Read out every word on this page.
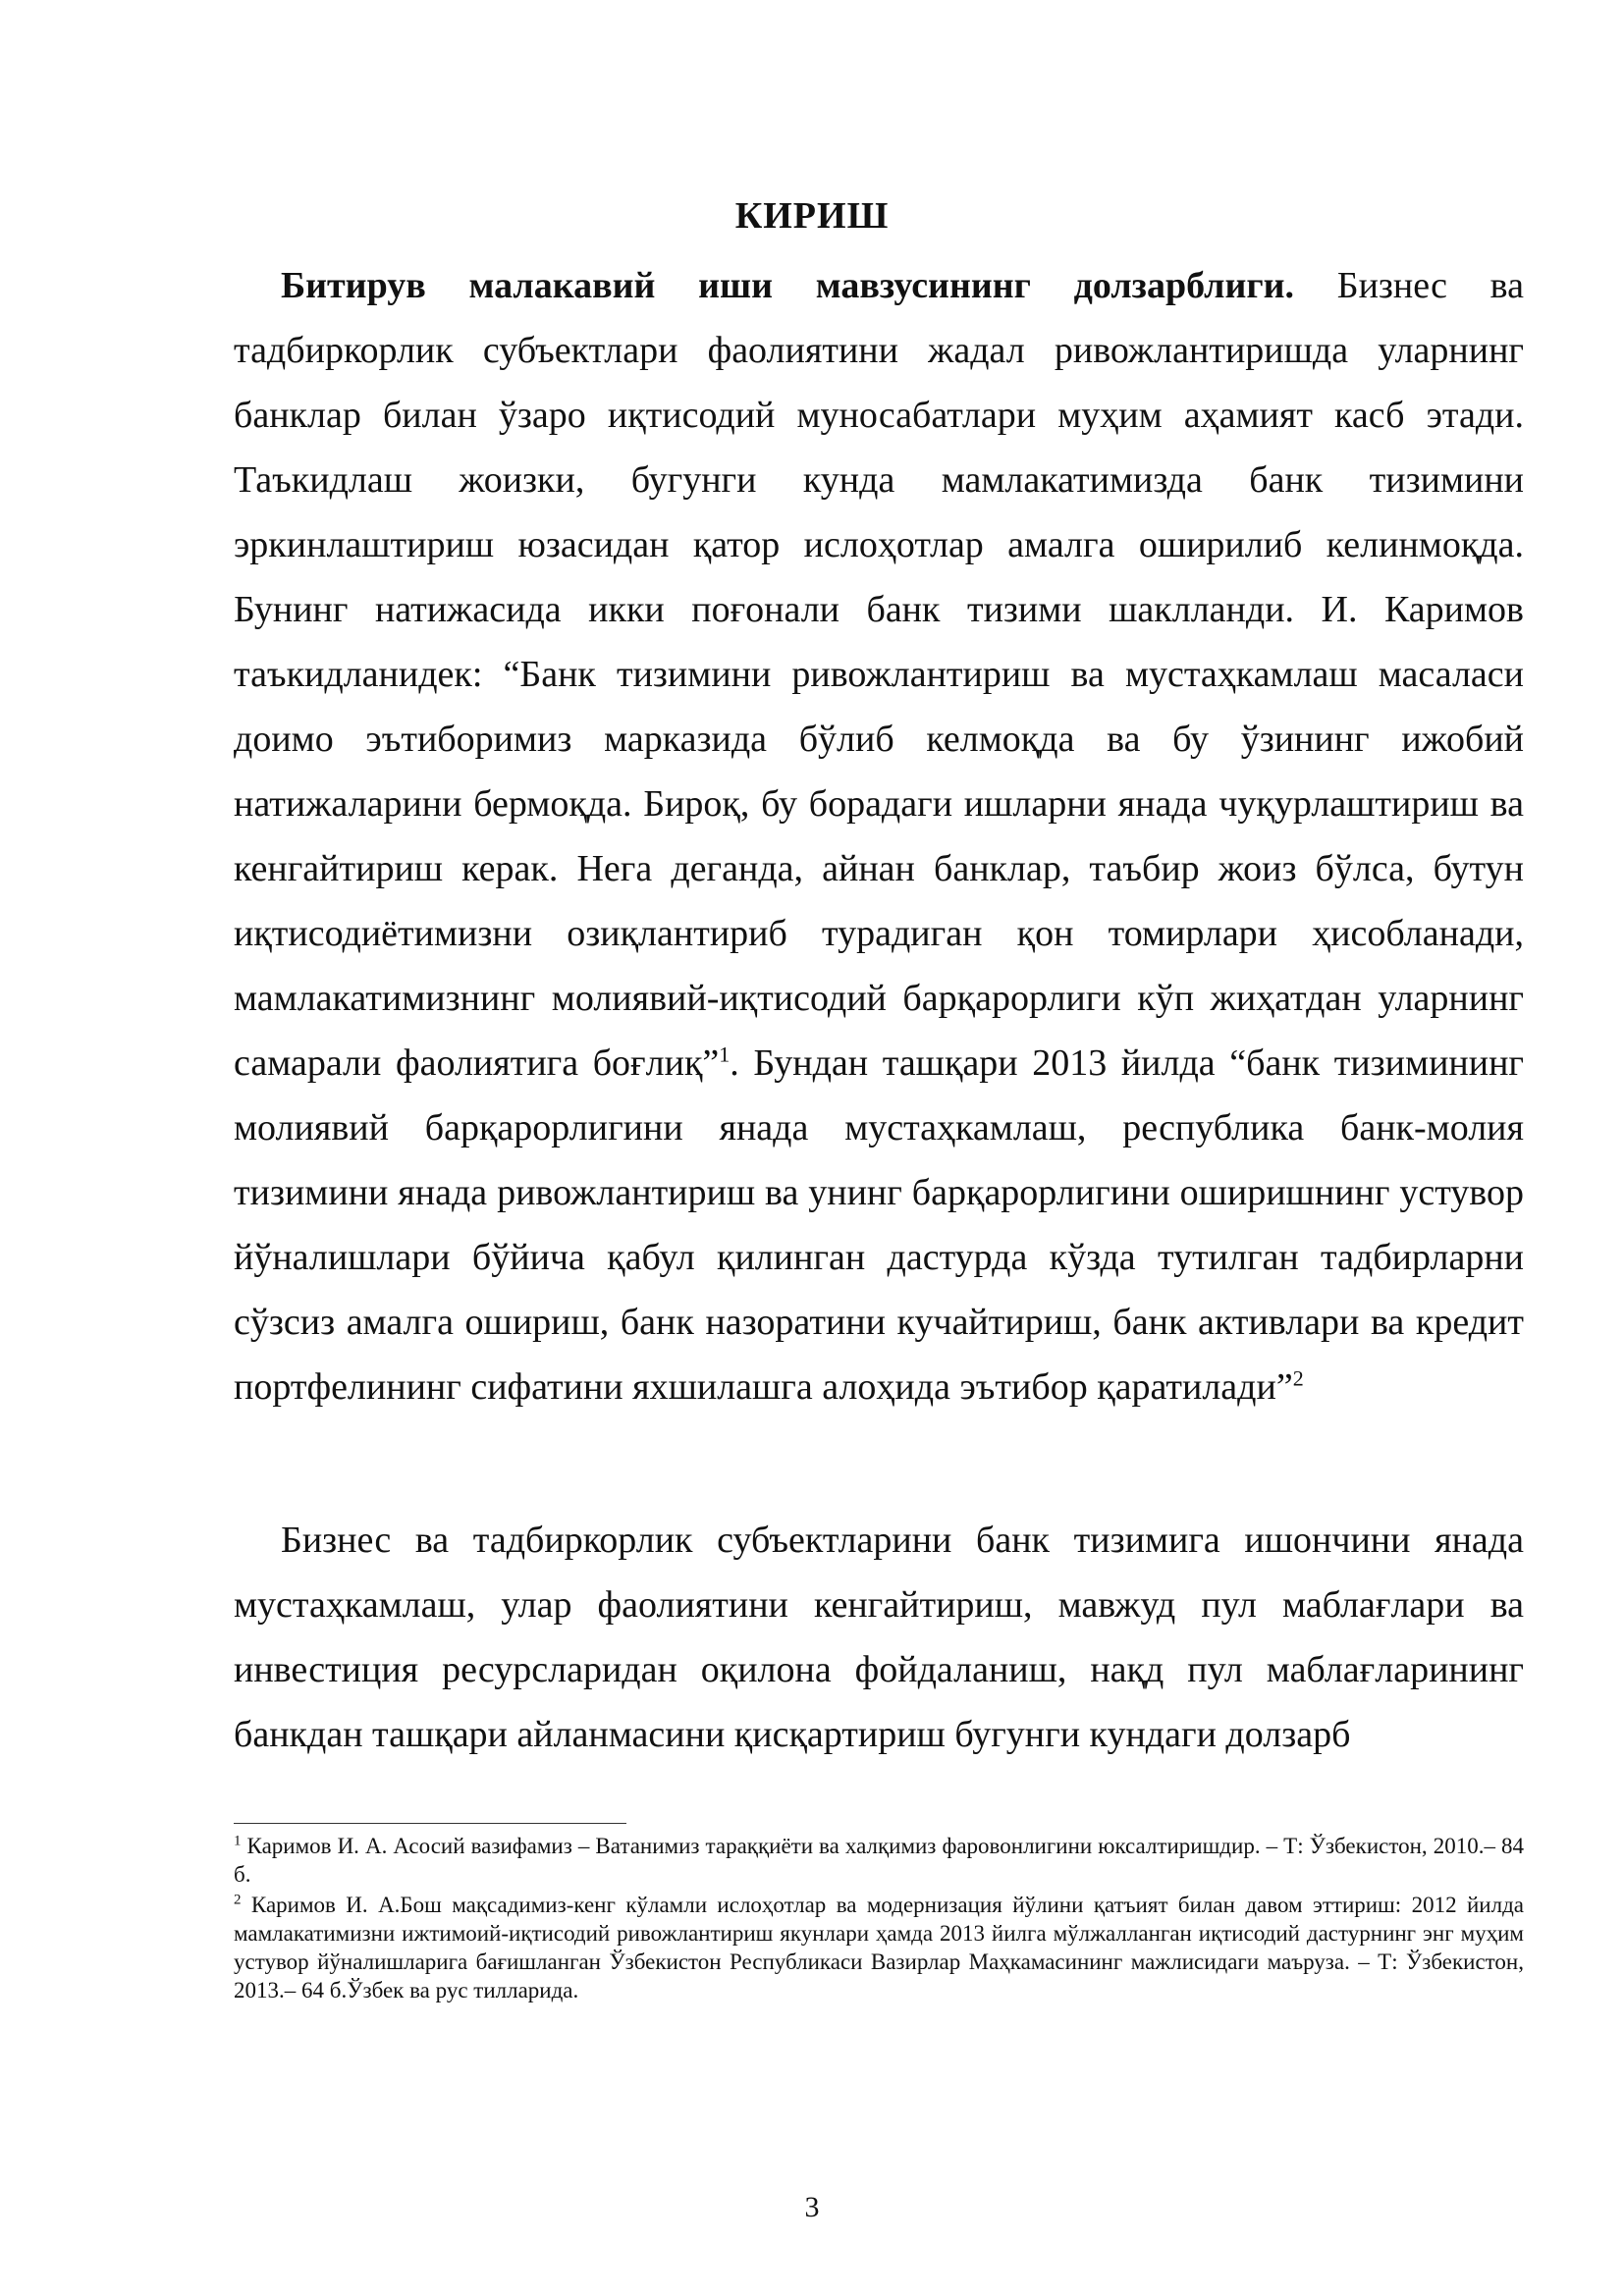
КИРИШ

Битирув малакавий иши мавзусининг долзарблиги. Бизнес ва тадбиркорлик субъектлари фаолиятини жадал ривожлантиришда уларнинг банклар билан ўзаро иқтисодий муносабатлари муҳим аҳамият касб этади. Таъкидлаш жоизки, бугунги кунда мамлакатимизда банк тизимини эркинлаштириш юзасидан қатор ислоҳотлар амалга оширилиб келинмоқда. Бунинг натижасида икки поғонали банк тизими шаклланди. И. Каримов таъкидланидек: “Банк тизимини ривожлантириш ва мустаҳкамлаш масаласи доимо эътиборимиз марказида бўлиб келмоқда ва бу ўзининг ижобий натижаларини бермоқда. Бироқ, бу борадаги ишларни янада чуқурлаштириш ва кенгайтириш керак. Нега деганда, айнан банклар, таъбир жоиз бўлса, бутун иқтисодиётимизни озиқлантириб турадиган қон томирлари ҳисобланади, мамлакатимизнинг молиявий-иқтисодий барқарорлиги кўп жиҳатдан уларнинг самарали фаолиятига боғлиқ”$^1$. Бундан ташқари 2013 йилда “банк тизимининг молиявий барқарорлигини янада мустаҳкамлаш, республика банк-молия тизимини янада ривожлантириш ва унинг барқарорлигини оширишнинг устувор йўналишлари бўйича қабул қилинган дастурда кўзда тутилган тадбирларни сўзсиз амалга ошириш, банк назоратини кучайтириш, банк активлари ва кредит портфелининг сифатини яхшилашга алоҳида эътибор қаратилади”$^2$

Бизнес ва тадбиркорлик субъектларини банк тизимига ишончини янада мустаҳкамлаш, улар фаолиятини кенгайтириш, мавжуд пул маблағлари ва инвестиция ресурсларидан оқилона фойдаланиш, нақд пул маблағларининг банкдан ташқари айланмасини қисқартириш бугунги кундаги долзарб

$^1$ Каримов И. А. Асосий вазифамиз – Ватанимиз тараққиёти ва халқимиз фаровонлигини юксалтиришдир. – Т: Ўзбекистон, 2010.– 84 б.

$^2$ Каримов И. А.Бош мақсадимиз-кенг кўламли ислоҳотлар ва модернизация йўлини қатъият билан давом эттириш: 2012 йилда мамлакатимизни ижтимоий-иқтисодий ривожлантириш якунлари ҳамда 2013 йилга мўлжалланган иқтисодий дастурнинг энг муҳим устувор йўналишларига бағишланган Ўзбекистон Республикаси Вазирлар Маҳкамасининг мажлисидаги маъруза. – Т: Ўзбекистон, 2013.– 64 б.Ўзбек ва рус тилларида.

3
